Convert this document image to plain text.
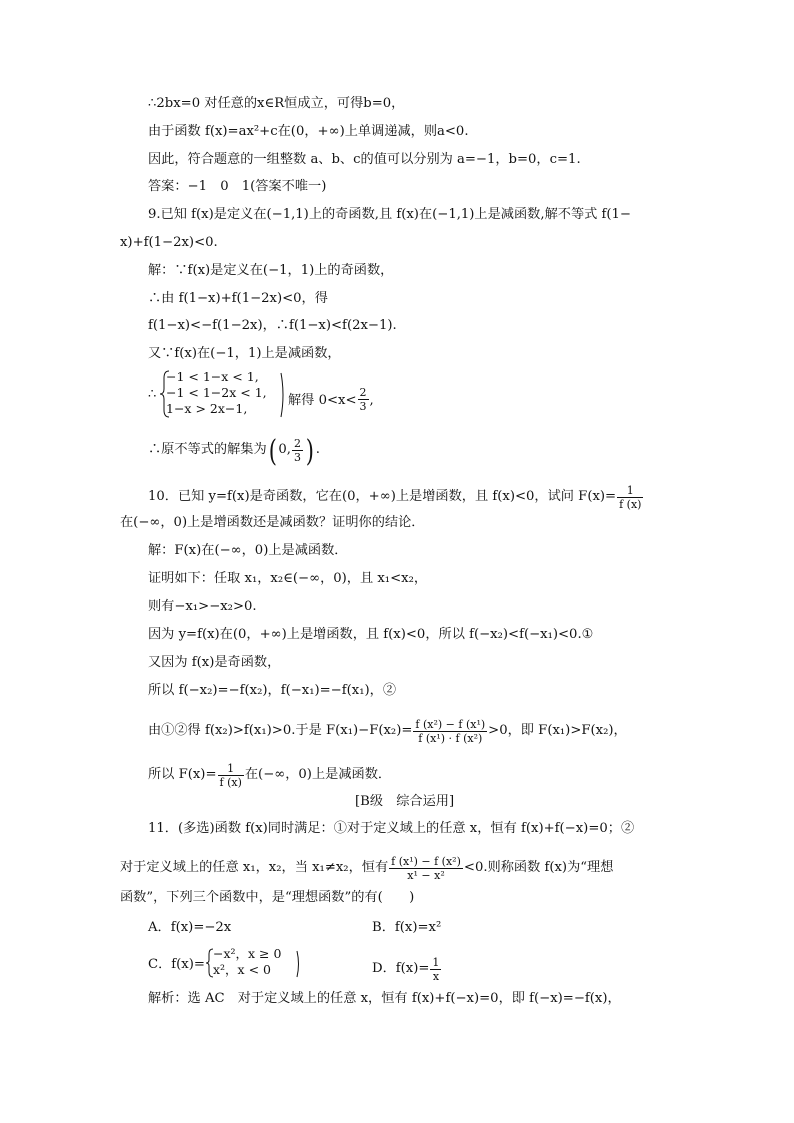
∴2bx=0 对任意的x∈R恒成立，可得b=0，
由于函数 f(x)=ax²+c在(0，+∞)上单调递减，则a<0.
因此，符合题意的一组整数 a、b、c的值可以分别为 a=−1，b=0，c=1.
答案：−1　0　1(答案不唯一)
9.已知 f(x)是定义在(−1,1)上的奇函数,且 f(x)在(−1,1)上是减函数,解不等式 f(1−
x)+f(1−2x)<0.
解：∵f(x)是定义在(−1，1)上的奇函数，
∴由 f(1−x)+f(1−2x)<0，得
f(1−x)<−f(1−2x)，∴f(1−x)<f(2x−1).
又∵f(x)在(−1，1)上是减函数，
∴
−1 < 1−x < 1,
−1 < 1−2x < 1,
1−x > 2x−1,
解得 $0<x< \frac{2}{3}$ ,
∴原不等式的解集为( 0, $\frac{2}{3}$ ) .
10．已知 y=f(x)是奇函数，它在(0，+∞)上是增函数，且 f(x)<0，试问 $F(x)= \frac{1}{f (x)}$
在(−∞，0)上是增函数还是减函数？证明你的结论．
解：F(x)在(−∞，0)上是减函数．
证明如下：任取 x₁，x₂∈(−∞，0)，且 x₁<x₂，
则有−x₁>−x₂>0.
因为 y=f(x)在(0，+∞)上是增函数，且 f(x)<0，所以 f(−x₂)<f(−x₁)<0.①
又因为 f(x)是奇函数，
所以 f(−x₂)=−f(x₂)，f(−x₁)=−f(x₁)，②
由①②得 f(x₂)>f(x₁)>0.于是 $F(x_1)-F(x_2)= \frac{\text{f (x²) − f (x¹)}}{\text{f (x¹) · f (x²)}} >0$，即 F(x₁)>F(x₂)，
所以 $F(x)= \frac{1}{f (x)}$ 在(−∞，0)上是减函数．
[B级　综合运用]
11．(多选)函数 f(x)同时满足：①对于定义域上的任意 x，恒有 f(x)+f(−x)=0；②
对于定义域上的任意 x₁，x₂，当 x₁≠x₂，恒有 $\frac{\text{f (x¹) − f (x²)}}{\text{x¹ − x²}} <0$.则称函数 f(x)为“理想
函数”，下列三个函数中，是“理想函数”的有(　　)
A．f(x)=−2x	B．f(x)=x²
C．f(x)=
−x²，x ≥ 0
x²，x < 0	D．$f(x)= \frac{1}{x}$
解析：选 AC　对于定义域上的任意 x，恒有 f(x)+f(−x)=0，即 f(−x)=−f(x)，
